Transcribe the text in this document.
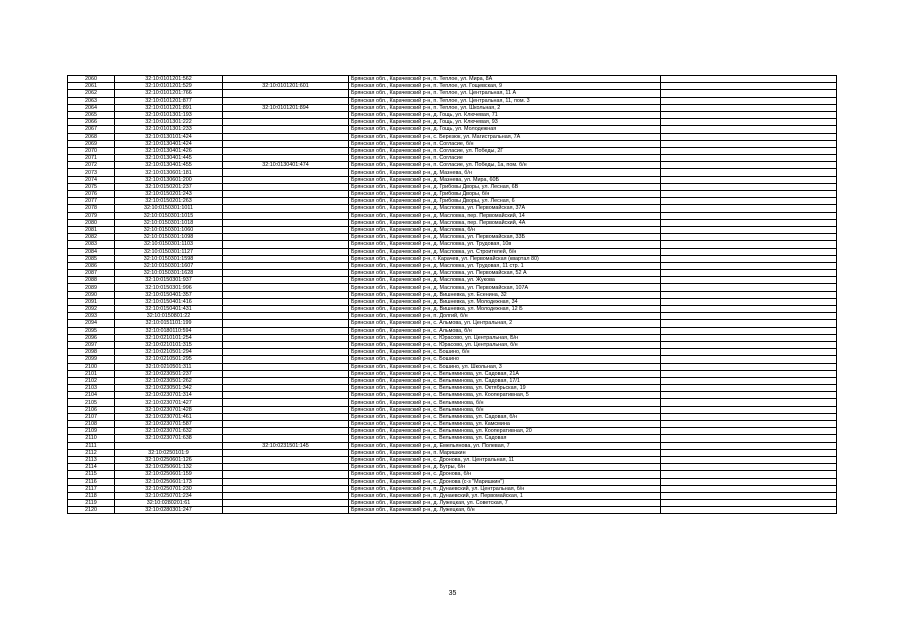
2060	32:10:0101201:562		Брянская обл., Карачевский р-н, п. Теплое, ул. Мира, 8А	
2061	32:10:0101201:529	32:10:0101201:601	Брянская обл., Карачевский р-н, п. Теплое, ул. Гощевская, 9	
2062	32:10:0101201:766		Брянская обл., Карачевский р-н, п. Теплое, ул. Центральная, 11 А	
2063	32:10:0101201:877		Брянская обл., Карачевский р-н, п. Теплое, ул. Центральная, 11, пом. 3	
2064	32:10:0101201:891	32:10:0101201:894	Брянская обл., Карачевский р-н, п. Теплое, ул. Школьная, 2	
2065	32:10:0101301:193		Брянская обл., Карачевский р-н, д. Гощь, ул. Ключевая, 71	
2066	32:10:0101301:222		Брянская обл., Карачевский р-н, д. Гощь, ул. Ключевая, 93	
2067	32:10:0101301:233		Брянская обл., Карачевский р-н, д. Гощь, ул. Молодежная	
2068	32:10:0130101:424		Брянская обл., Карачевский р-н, с. Березюк, ул. Магистральная, 7А	
2069	32:10:0130401:424		Брянская обл., Карачевский р-н, п. Согласие, б/н	
2070	32:10:0130401:426		Брянская обл., Карачевский р-н, п. Согласие, ул. Победы, 2Г	
2071	32:10:0130401:445		Брянская обл., Карачевский р-н, п. Согласие	
2072	32:10:0130401:455	32:10:0130401:474	Брянская обл., Карачевский р-н, п. Согласие, ул. Победы, 1а, пом. б/н	
2073	32:10:0130601:181		Брянская обл., Карачевский р-н, д. Мазнева, б/н	
2074	32:10:0130601:200		Брянская обл., Карачевский р-н, д. Мазнева, ул. Мира, 60Б	
2075	32:10:0150201:237		Брянская обл., Карачевский р-н, д. Грибовы Дворы, ул. Лесная, 6В	
2076	32:10:0150201:243		Брянская обл., Карачевский р-н, д. Грибовы Дворы, б/н	
2077	32:10:0150201:263		Брянская обл., Карачевский р-н, д. Грибовы Дворы, ул. Лесная, 6	
2078	32:10:0150301:1011		Брянская обл., Карачевский р-н, д. Масловка, ул. Первомайская, 37А	
2079	32:10:0150301:1015		Брянская обл., Карачевский р-н, д. Масловка, пер. Первомайский, 14	
2080	32:10:0150301:1018		Брянская обл., Карачевский р-н, д. Масловка, пер. Первомайский, 4А	
2081	32:10:0150301:1060		Брянская обл., Карачевский р-н, д. Масловка, б/н	
2082	32:10:0150301:1098		Брянская обл., Карачевский р-н, д. Масловка, ул. Первомайская, 33Б	
2083	32:10:0150301:1103		Брянская обл., Карачевский р-н, д. Масловка, ул. Трудовая, 10в	
2084	32:10:0150301:1127		Брянская обл., Карачевский р-н, д. Масловка, ул. Строителей, б/н	
2085	32:10:0150301:1598		Брянская обл., Карачевский р-н, г. Карачев, ул. Первомайская (квартал 80)	
2086	32:10:0150301:1607		Брянская обл., Карачевский р-н, д. Масловка, ул. Трудовая, 11 стр. 1	
2087	32:10:0150301:1628		Брянская обл., Карачевский р-н, д. Масловка, ул. Первомайская, 52 А	
2088	32:10:0150301:937		Брянская обл., Карачевский р-н, д. Масловка, ул. Жукова	
2089	32:10:0150301:996		Брянская обл., Карачевский р-н, д. Масловка, ул. Первомайская, 107А	
2090	32:10:0150401:357		Брянская обл., Карачевский р-н, д. Вишневка, ул. Есенина, 32	
2091	32:10:0150401:416		Брянская обл., Карачевский р-н, д. Вишневка, ул. Молодежная, 34	
2092	32:10:0150401:431		Брянская обл., Карачевский р-н, д. Вишневка, ул. Молодежная, 12 Б	
2093	32:10:0150801:22		Брянская обл., Карачевский р-н, п. Долгий, б/н	
2094	32:10:0151101:199		Брянская обл., Карачевский р-н, с. Альмова, ул. Центральная, 2	
2095	32:10:0180110:594		Брянская обл., Карачевский р-н, с. Альмова, б/н	
2096	32:10:0210101:254		Брянская обл., Карачевский р-н, с. Юрасово, ул. Центральная, Б/н	
2097	32:10:0210101:315		Брянская обл., Карачевский р-н, с. Юрасово, ул. Центральная, б/н	
2098	32:10:0210501:294		Брянская обл., Карачевский р-н, с. Бошино, б/н	
2099	32:10:0210501:295		Брянская обл., Карачевский р-н, с. Бошино	
2100	32:10:0210501:311		Брянская обл., Карачевский р-н, с. Бошино, ул. Школьная, 3	
2101	32:10:0230501:237		Брянская обл., Карачевский р-н, с. Вельяминова, ул. Садовая, 21А	
2102	32:10:0230501:262		Брянская обл., Карачевский р-н, с. Вельяминова, ул. Садовая, 17/1	
2103	32:10:0230501:342		Брянская обл., Карачевский р-н, с. Вельяминова, ул. Октябрьская, 19	
2104	32:10:0230701:314		Брянская обл., Карачевский р-н, с. Вельяминова, ул. Кооперативная, 5	
2105	32:10:0230701:427		Брянская обл., Карачевский р-н, с. Вельяминова, б/н	
2106	32:10:0230701:428		Брянская обл., Карачевский р-н, с. Вельяминова, б/н	
2107	32:10:0230701:461		Брянская обл., Карачевский р-н, с. Вельяминова, ул. Садовая, б/н	
2108	32:10:0230701:587		Брянская обл., Карачевский р-н, с. Вельяминова, ул. Камсмина	
2109	32:10:0230701:632		Брянская обл., Карачевский р-н, с. Вельяминова, ул. Кооперативная, 20	
2110	32:10:0230701:638		Брянская обл., Карачевский р-н, с. Вельяминова, ул. Садовая	
2111		32:10:0231501:145	Брянская обл., Карачевский р-н, д. Емельянова, ул. Полевая, 7	
2112	32:10:0250101:9		Брянская обл., Карачевский р-н, п. Маришкин	
2113	32:10:0250601:126		Брянская обл., Карачевский р-н, с. Дронова, ул. Центральная, 11	
2114	32:10:0250601:132		Брянская обл., Карачевский р-н, д. Бугры, б/н	
2115	32:10:0250601:159		Брянская обл., Карачевский р-н, с. Дронова, б/н	
2116	32:10:0250601:173		Брянская обл., Карачевский р-н, с. Дронова (с-з "Маришкин")	
2117	32:10:0250701:230		Брянская обл., Карачевский р-н, п. Дунаевский, ул. Центральная, б/н	
2118	32:10:0250701:234		Брянская обл., Карачевский р-н, п. Дунаевский, ул. Первомайская, 1	
2119	32:10:0280201:61		Брянская обл., Карачевский р-н, д. Лужецкая, ул. Советская, 7	
2120	32:10:0280301:247		Брянская обл., Карачевский р-н, д. Лужецкая, б/н	
35
